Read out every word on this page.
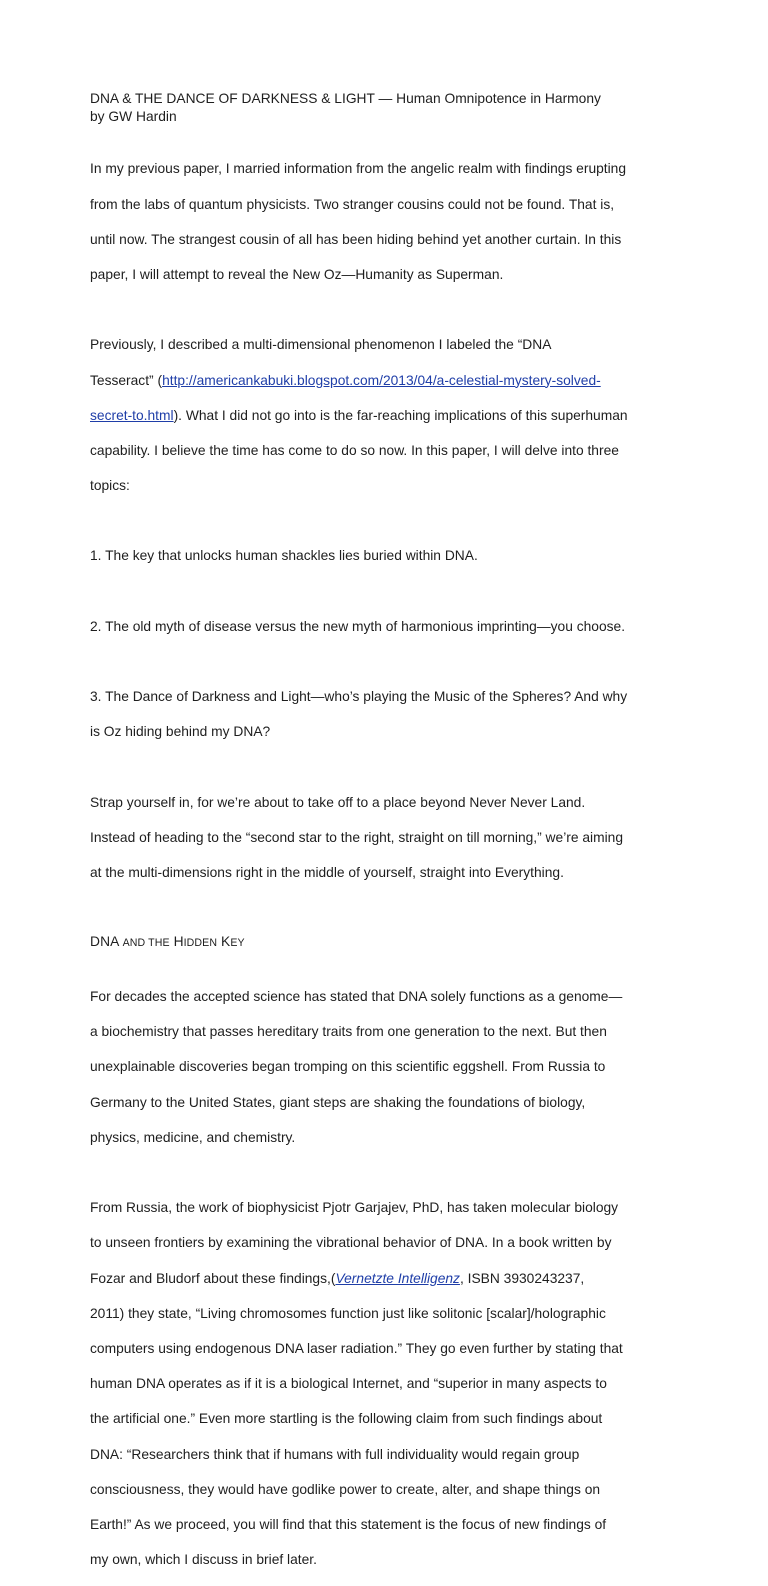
DNA & THE DANCE OF DARKNESS & LIGHT — Human Omnipotence in Harmony
by GW Hardin

In my previous paper, I married information from the angelic realm with findings erupting

from the labs of quantum physicists. Two stranger cousins could not be found. That is,

until now. The strangest cousin of all has been hiding behind yet another curtain. In this

paper, I will attempt to reveal the New Oz—Humanity as Superman.

Previously, I described a multi-dimensional phenomenon I labeled the “DNA

Tesseract” (http://americankabuki.blogspot.com/2013/04/a-celestial-mystery-solved-

secret-to.html). What I did not go into is the far-reaching implications of this superhuman

capability. I believe the time has come to do so now. In this paper, I will delve into three

topics:

1. The key that unlocks human shackles lies buried within DNA.

2. The old myth of disease versus the new myth of harmonious imprinting—you choose.

3. The Dance of Darkness and Light—who’s playing the Music of the Spheres? And why

is Oz hiding behind my DNA?

Strap yourself in, for we’re about to take off to a place beyond Never Never Land.

Instead of heading to the “second star to the right, straight on till morning,” we’re aiming

at the multi-dimensions right in the middle of yourself, straight into Everything.

DNA AND THE HIDDEN KEY

For decades the accepted science has stated that DNA solely functions as a genome—

a biochemistry that passes hereditary traits from one generation to the next. But then

unexplainable discoveries began tromping on this scientific eggshell. From Russia to

Germany to the United States, giant steps are shaking the foundations of biology,

physics, medicine, and chemistry.

From Russia, the work of biophysicist Pjotr Garjajev, PhD, has taken molecular biology

to unseen frontiers by examining the vibrational behavior of DNA. In a book written by

Fozar and Bludorf about these findings,(Vernetzte Intelligenz, ISBN 3930243237,

2011) they state, “Living chromosomes function just like solitonic [scalar]/holographic

computers using endogenous DNA laser radiation.” They go even further by stating that

human DNA operates as if it is a biological Internet, and “superior in many aspects to

the artificial one.” Even more startling is the following claim from such findings about

DNA: “Researchers think that if humans with full individuality would regain group

consciousness, they would have godlike power to create, alter, and shape things on

Earth!” As we proceed, you will find that this statement is the focus of new findings of

my own, which I discuss in brief later.
